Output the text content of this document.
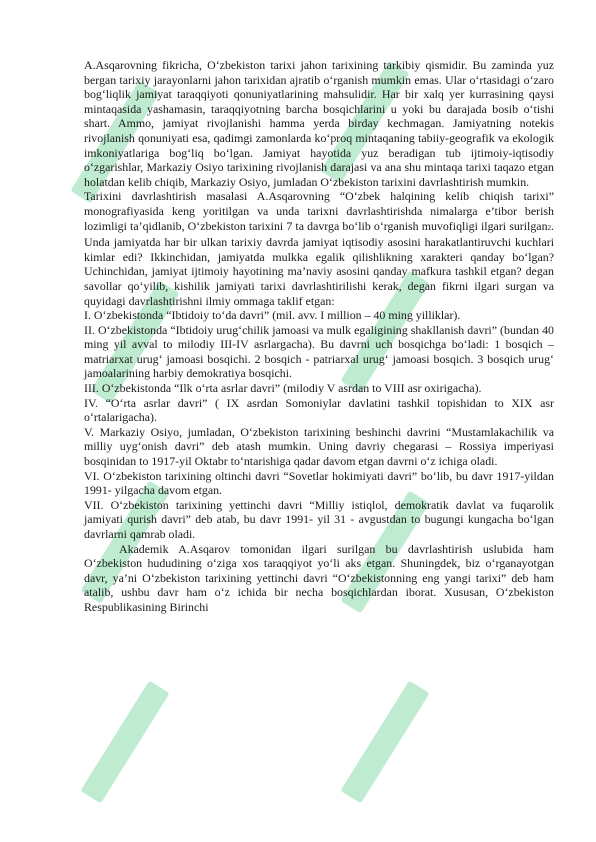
A.Asqarovning fikricha, O‘zbekiston tarixi jahon tarixining tarkibiy qismidir. Bu zaminda yuz bergan tarixiy jarayonlarni jahon tarixidan ajratib o‘rganish mumkin emas. Ular o‘rtasidagi o‘zaro bog‘liqlik jamiyat taraqqiyoti qonuniyatlarining mahsulidir. Har bir xalq yer kurrasining qaysi mintaqasida yashamasin, taraqqiyotning barcha bosqichlarini u yoki bu darajada bosib o‘tishi shart. Ammo, jamiyat rivojlanishi hamma yerda birday kechmagan. Jamiyatning notekis rivojlanish qonuniyati esa, qadimgi zamonlarda ko‘proq mintaqaning tabiiy-geografik va ekologik imkoniyatlariga bog‘liq bo‘lgan. Jamiyat hayotida yuz beradigan tub ijtimoiy-iqtisodiy o‘zgarishlar, Markaziy Osiyo tarixining rivojlanish darajasi va ana shu mintaqa tarixi taqazo etgan holatdan kelib chiqib, Markaziy Osiyo, jumladan O‘zbekiston tarixini davrlashtirish mumkin.

Tarixini davrlashtirish masalasi A.Asqarovning “O‘zbek halqining kelib chiqish tarixi” monografiyasida keng yoritilgan va unda tarixni davrlashtirishda nimalarga e’tibor berish lozimligi ta’qidlanib, O‘zbekiston tarixini 7 ta davrga bo‘lib o‘rganish muvofiqligi ilgari surilgan2. Unda jamiyatda har bir ulkan tarixiy davrda jamiyat iqtisodiy asosini harakatlantiruvchi kuchlari kimlar edi? Ikkinchidan, jamiyatda mulkka egalik qilishlikning xarakteri qanday bo‘lgan? Uchinchidan, jamiyat ijtimoiy hayotining ma’naviy asosini qanday mafkura tashkil etgan? degan savollar qo‘yilib, kishilik jamiyati tarixi davrlashtirilishi kerak, degan fikrni ilgari surgan va quyidagi davrlashtirishni ilmiy ommaga taklif etgan:

I. O‘zbekistonda “Ibtidoiy to‘da davri” (mil. avv. I million – 40 ming yilliklar).

II. O‘zbekistonda “Ibtidoiy urug‘chilik jamoasi va mulk egaligining shakllanish davri” (bundan 40 ming yil avval to milodiy III-IV asrlargacha). Bu davrni uch bosqichga bo‘ladi: 1 bosqich – matriarxat urug‘ jamoasi bosqichi. 2 bosqich - patriarxal urug‘ jamoasi bosqich. 3 bosqich urug‘ jamoalarining harbiy demokratiya bosqichi.

III. O‘zbekistonda “Ilk o‘rta asrlar davri” (milodiy V asrdan to VIII asr oxirigacha).

IV. “O‘rta asrlar davri” ( IX asrdan Somoniylar davlatini tashkil topishidan to XIX asr o‘rtalarigacha).

V. Markaziy Osiyo, jumladan, O‘zbekiston tarixining beshinchi davrini “Mustamlakachilik va milliy uyg‘onish davri” deb atash mumkin. Uning davriy chegarasi – Rossiya imperiyasi bosqinidan to 1917-yil Oktabr to‘ntarishiga qadar davom etgan davrni o‘z ichiga oladi.

VI. O‘zbekiston tarixining oltinchi davri “Sovetlar hokimiyati davri” bo‘lib, bu davr 1917-yildan 1991- yilgacha davom etgan.

VII. O‘zbekiston tarixining yettinchi davri “Milliy istiqlol, demokratik davlat va fuqarolik jamiyati qurish davri” deb atab, bu davr 1991- yil 31 - avgustdan to bugungi kungacha bo‘lgan davrlarni qamrab oladi.

Akademik A.Asqarov tomonidan ilgari surilgan bu davrlashtirish uslubida ham O‘zbekiston hududining o‘ziga xos taraqqiyot yo‘li aks etgan. Shuningdek, biz o‘rganayotgan davr, ya’ni O‘zbekiston tarixining yettinchi davri “O‘zbekistonning eng yangi tarixi” deb ham atalib, ushbu davr ham o‘z ichida bir necha bosqichlardan iborat. Xususan, O‘zbekiston Respublikasining Birinchi
